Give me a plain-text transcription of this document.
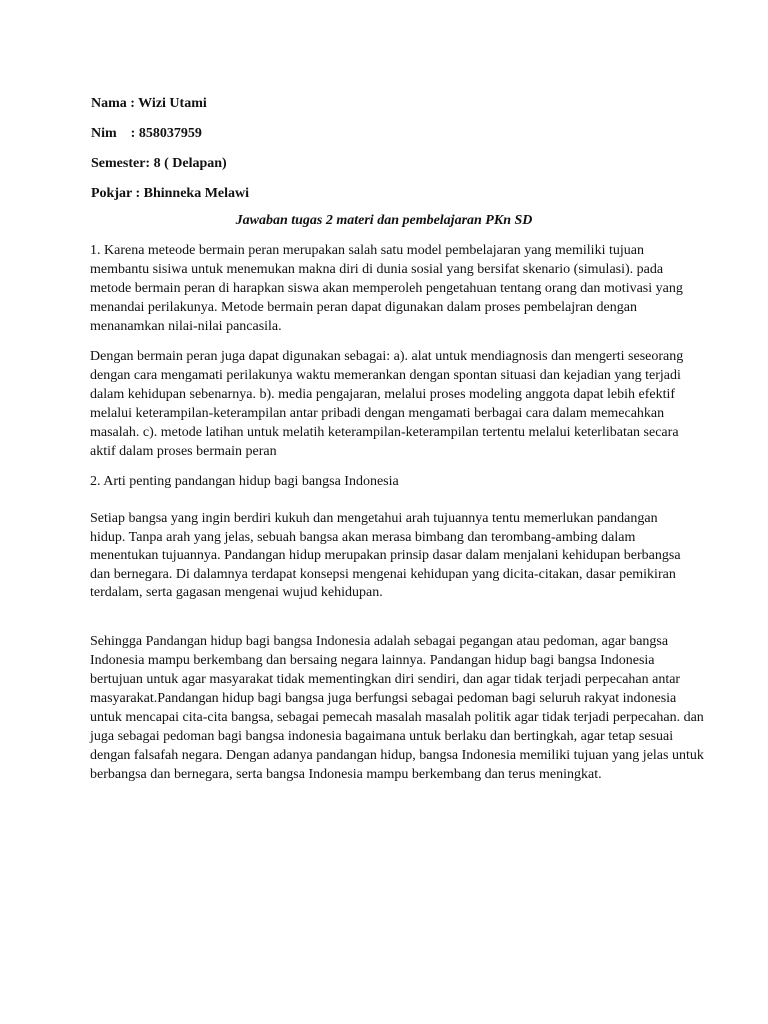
Nama : Wizi Utami
Nim    : 858037959
Semester: 8 ( Delapan)
Pokjar : Bhinneka Melawi
Jawaban tugas 2 materi dan pembelajaran PKn SD

1. Karena meteode bermain peran merupakan salah satu model pembelajaran yang memiliki tujuan membantu sisiwa untuk menemukan makna diri di dunia sosial yang bersifat skenario (simulasi). pada metode bermain peran di harapkan siswa akan memperoleh pengetahuan tentang orang dan motivasi yang menandai perilakunya. Metode bermain peran dapat digunakan dalam proses pembelajran dengan menanamkan nilai-nilai pancasila.

Dengan bermain peran juga dapat digunakan sebagai: a). alat untuk mendiagnosis dan mengerti seseorang dengan cara mengamati perilakunya waktu memerankan dengan spontan situasi dan kejadian yang terjadi dalam kehidupan sebenarnya. b). media pengajaran, melalui proses modeling anggota dapat lebih efektif melalui keterampilan-keterampilan antar pribadi dengan mengamati berbagai cara dalam memecahkan masalah. c). metode latihan untuk melatih keterampilan-keterampilan tertentu melalui keterlibatan secara aktif dalam proses bermain peran

2. Arti penting pandangan hidup bagi bangsa Indonesia

Setiap bangsa yang ingin berdiri kukuh dan mengetahui arah tujuannya tentu memerlukan pandangan hidup. Tanpa arah yang jelas, sebuah bangsa akan merasa bimbang dan terombang-ambing dalam menentukan tujuannya. Pandangan hidup merupakan prinsip dasar dalam menjalani kehidupan berbangsa dan bernegara. Di dalamnya terdapat konsepsi mengenai kehidupan yang dicita-citakan, dasar pemikiran terdalam, serta gagasan mengenai wujud kehidupan.

Sehingga Pandangan hidup bagi bangsa Indonesia adalah sebagai pegangan atau pedoman, agar bangsa Indonesia mampu berkembang dan bersaing negara lainnya. Pandangan hidup bagi bangsa Indonesia bertujuan untuk agar masyarakat tidak mementingkan diri sendiri, dan agar tidak terjadi perpecahan antar masyarakat.Pandangan hidup bagi bangsa juga berfungsi sebagai pedoman bagi seluruh rakyat indonesia untuk mencapai cita-cita bangsa, sebagai pemecah masalah masalah politik agar tidak terjadi perpecahan. dan juga sebagai pedoman bagi bangsa indonesia bagaimana untuk berlaku dan bertingkah, agar tetap sesuai dengan falsafah negara. Dengan adanya pandangan hidup, bangsa Indonesia memiliki tujuan yang jelas untuk berbangsa dan bernegara, serta bangsa Indonesia mampu berkembang dan terus meningkat.
